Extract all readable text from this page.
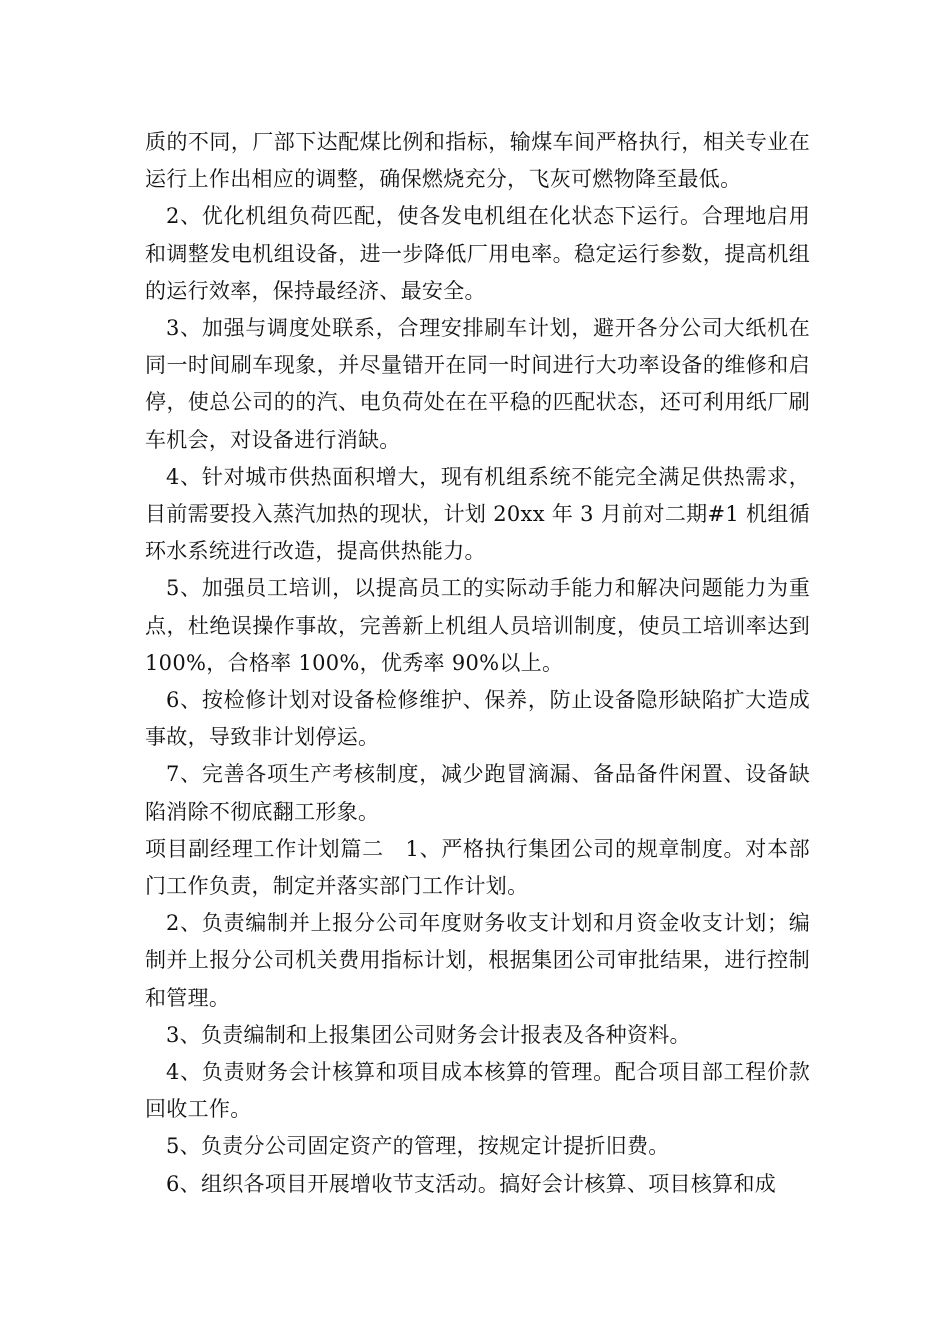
质的不同，厂部下达配煤比例和指标，输煤车间严格执行，相关专业在运行上作出相应的调整，确保燃烧充分，飞灰可燃物降至最低。

2、优化机组负荷匹配，使各发电机组在化状态下运行。合理地启用和调整发电机组设备，进一步降低厂用电率。稳定运行参数，提高机组的运行效率，保持最经济、最安全。

3、加强与调度处联系，合理安排刷车计划，避开各分公司大纸机在同一时间刷车现象，并尽量错开在同一时间进行大功率设备的维修和启停，使总公司的的汽、电负荷处在在平稳的匹配状态，还可利用纸厂刷车机会，对设备进行消缺。

4、针对城市供热面积增大，现有机组系统不能完全满足供热需求，目前需要投入蒸汽加热的现状，计划 20xx 年 3 月前对二期#1 机组循环水系统进行改造，提高供热能力。

5、加强员工培训，以提高员工的实际动手能力和解决问题能力为重点，杜绝误操作事故，完善新上机组人员培训制度，使员工培训率达到 100%，合格率 100%，优秀率 90%以上。

6、按检修计划对设备检修维护、保养，防止设备隐形缺陷扩大造成事故，导致非计划停运。

7、完善各项生产考核制度，减少跑冒滴漏、备品备件闲置、设备缺陷消除不彻底翻工形象。

项目副经理工作计划篇二　1、严格执行集团公司的规章制度。对本部门工作负责，制定并落实部门工作计划。

2、负责编制并上报分公司年度财务收支计划和月资金收支计划；编制并上报分公司机关费用指标计划，根据集团公司审批结果，进行控制和管理。

3、负责编制和上报集团公司财务会计报表及各种资料。

4、负责财务会计核算和项目成本核算的管理。配合项目部工程价款回收工作。

5、负责分公司固定资产的管理，按规定计提折旧费。

6、组织各项目开展增收节支活动。搞好会计核算、项目核算和成
